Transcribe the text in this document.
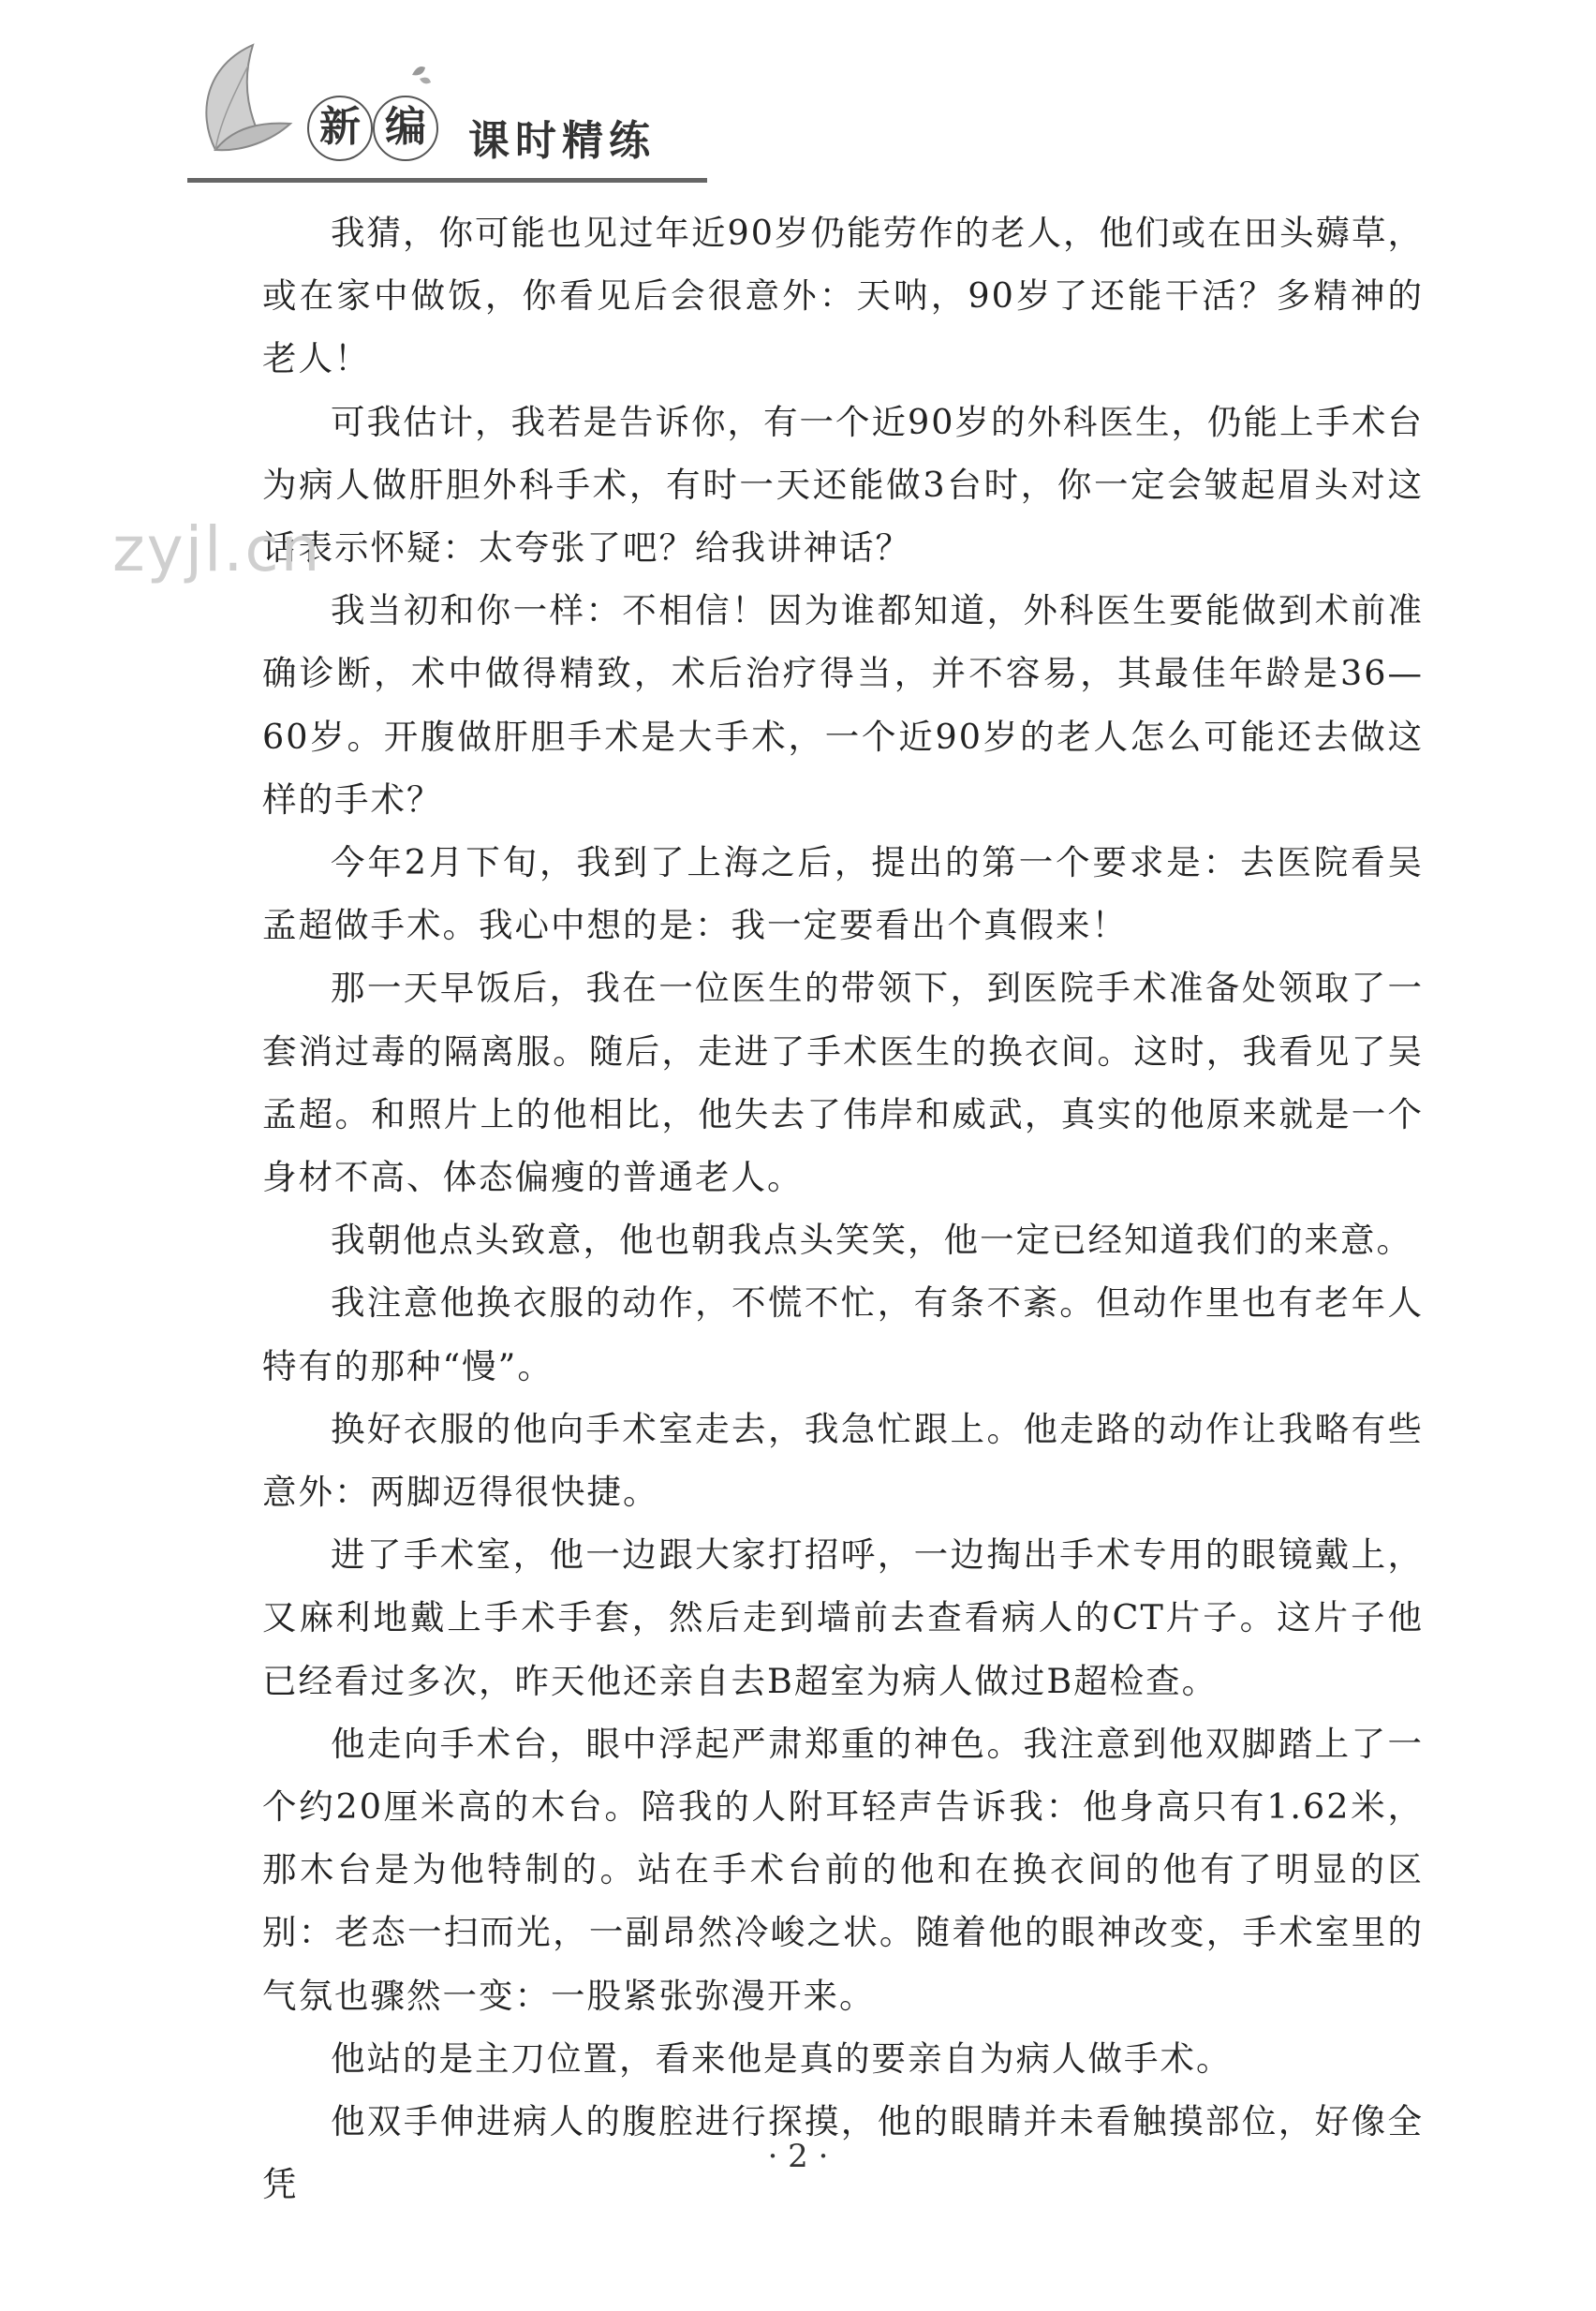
新 编 课时精练

我猜，你可能也见过年近90岁仍能劳作的老人，他们或在田头薅草，或在家中做饭，你看见后会很意外：天呐，90岁了还能干活？多精神的老人！

可我估计，我若是告诉你，有一个近90岁的外科医生，仍能上手术台为病人做肝胆外科手术，有时一天还能做3台时，你一定会皱起眉头对这话表示怀疑：太夸张了吧？给我讲神话？

我当初和你一样：不相信！因为谁都知道，外科医生要能做到术前准确诊断，术中做得精致，术后治疗得当，并不容易，其最佳年龄是36—60岁。开腹做肝胆手术是大手术，一个近90岁的老人怎么可能还去做这样的手术？

今年2月下旬，我到了上海之后，提出的第一个要求是：去医院看吴孟超做手术。我心中想的是：我一定要看出个真假来！

那一天早饭后，我在一位医生的带领下，到医院手术准备处领取了一套消过毒的隔离服。随后，走进了手术医生的换衣间。这时，我看见了吴孟超。和照片上的他相比，他失去了伟岸和威武，真实的他原来就是一个身材不高、体态偏瘦的普通老人。

我朝他点头致意，他也朝我点头笑笑，他一定已经知道我们的来意。

我注意他换衣服的动作，不慌不忙，有条不紊。但动作里也有老年人特有的那种“慢”。

换好衣服的他向手术室走去，我急忙跟上。他走路的动作让我略有些意外：两脚迈得很快捷。

进了手术室，他一边跟大家打招呼，一边掏出手术专用的眼镜戴上，又麻利地戴上手术手套，然后走到墙前去查看病人的CT片子。这片子他已经看过多次，昨天他还亲自去B超室为病人做过B超检查。

他走向手术台，眼中浮起严肃郑重的神色。我注意到他双脚踏上了一个约20厘米高的木台。陪我的人附耳轻声告诉我：他身高只有1.62米，那木台是为他特制的。站在手术台前的他和在换衣间的他有了明显的区别：老态一扫而光，一副昂然冷峻之状。随着他的眼神改变，手术室里的气氛也骤然一变：一股紧张弥漫开来。

他站的是主刀位置，看来他是真的要亲自为病人做手术。

他双手伸进病人的腹腔进行探摸，他的眼睛并未看触摸部位，好像全凭

zyjl.cn
· 2 ·
